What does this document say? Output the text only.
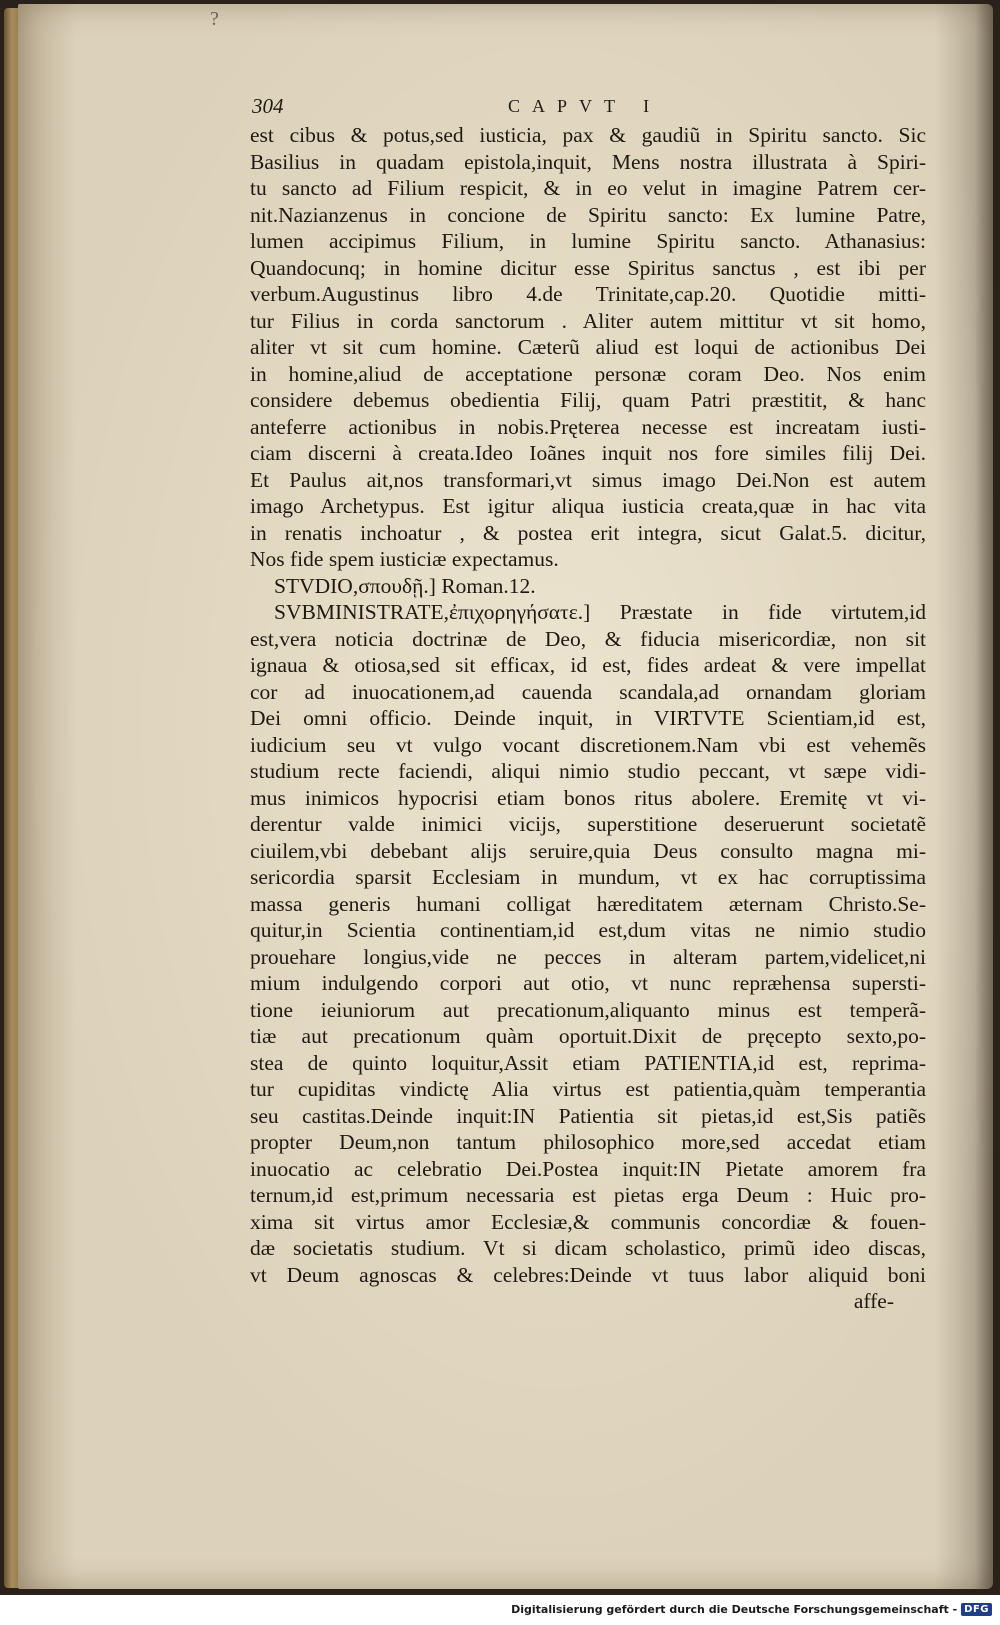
?
304	CAPVT I
est cibus & potus,sed iusticia, pax & gaudiũ in Spiritu sancto. Sic
Basilius in quadam epistola,inquit, Mens nostra illustrata à Spiri-
tu sancto ad Filium respicit, & in eo velut in imagine Patrem cer-
nit.Nazianzenus in concione de Spiritu sancto: Ex lumine Patre,
lumen accipimus Filium, in lumine Spiritu sancto. Athanasius:
Quandocunq; in homine dicitur esse Spiritus sanctus , est ibi per
verbum.Augustinus libro 4.de Trinitate,cap.20. Quotidie mitti-
tur Filius in corda sanctorum . Aliter autem mittitur vt sit homo,
aliter vt sit cum homine. Cæterũ aliud est loqui de actionibus Dei
in homine,aliud de acceptatione personæ coram Deo. Nos enim
considere debemus obedientia Filij, quam Patri præstitit, & hanc
anteferre actionibus in nobis.Pręterea necesse est increatam iusti-
ciam discerni à creata.Ideo Ioãnes inquit nos fore similes filij Dei.
Et Paulus ait,nos transformari,vt simus imago Dei.Non est autem
imago Archetypus. Est igitur aliqua iusticia creata,quæ in hac vita
in renatis inchoatur , & postea erit integra, sicut Galat.5. dicitur,
Nos fide spem iusticiæ expectamus.
STVDIO,σπουδῇ.] Roman.12.
SVBMINISTRATE,ἐπιχορηγήσατε.] Præstate in fide virtutem,id
est,vera noticia doctrinæ de Deo, & fiducia misericordiæ, non sit
ignaua & otiosa,sed sit efficax, id est, fides ardeat & vere impellat
cor ad inuocationem,ad cauenda scandala,ad ornandam gloriam
Dei omni officio. Deinde inquit, in VIRTVTE Scientiam,id est,
iudicium seu vt vulgo vocant discretionem.Nam vbi est vehemẽs
studium recte faciendi, aliqui nimio studio peccant, vt sæpe vidi-
mus inimicos hypocrisi etiam bonos ritus abolere. Eremitę vt vi-
derentur valde inimici vicijs, superstitione deseruerunt societatẽ
ciuilem,vbi debebant alijs seruire,quia Deus consulto magna mi-
sericordia sparsit Ecclesiam in mundum, vt ex hac corruptissima
massa generis humani colligat hæreditatem æternam Christo.Se-
quitur,in Scientia continentiam,id est,dum vitas ne nimio studio
prouehare longius,vide ne pecces in alteram partem,videlicet,ni
mium indulgendo corpori aut otio, vt nunc repræhensa supersti-
tione ieiuniorum aut precationum,aliquanto minus est temperã-
tiæ aut precationum quàm oportuit.Dixit de pręcepto sexto,po-
stea de quinto loquitur,Assit etiam PATIENTIA,id est, reprima-
tur cupiditas vindictę Alia virtus est patientia,quàm temperantia
seu castitas.Deinde inquit:IN Patientia sit pietas,id est,Sis patiẽs
propter Deum,non tantum philosophico more,sed accedat etiam
inuocatio ac celebratio Dei.Postea inquit:IN Pietate amorem fra
ternum,id est,primum necessaria est pietas erga Deum : Huic pro-
xima sit virtus amor Ecclesiæ,& communis concordiæ & fouen-
dæ societatis studium. Vt si dicam scholastico, primũ ideo discas,
vt Deum agnoscas & celebres:Deinde vt tuus labor aliquid boni
affe-
Digitalisierung gefördert durch die Deutsche Forschungsgemeinschaft - DFG
